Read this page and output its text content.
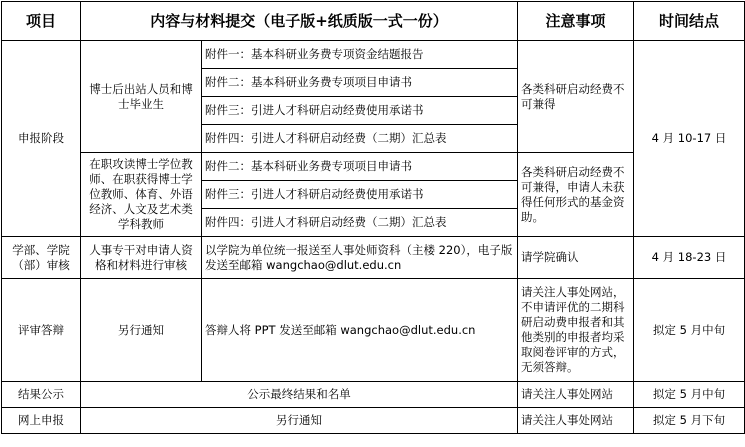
项目	内容与材料提交（电子版+纸质版一式一份）		注意事项	时间结点
申报阶段	博士后出站人员和博士毕业生	附件一：基本科研业务费专项资金结题报告	各类科研启动经费不可兼得	4 月 10-17 日
		附件二：基本科研业务费专项项目申请书		
		附件三：引进人才科研启动经费使用承诺书		
		附件四：引进人才科研启动经费（二期）汇总表		
	在职攻读博士学位教师、在职获得博士学位教师、体育、外语经济、人文及艺术类学科教师	附件二：基本科研业务费专项项目申请书	各类科研启动经费不可兼得，申请人未获得任何形式的基金资助。	
		附件三：引进人才科研启动经费使用承诺书		
		附件四：引进人才科研启动经费（二期）汇总表		
学部、学院（部）审核	人事专干对申请人资格和材料进行审核	以学院为单位统一报送至人事处师资科（主楼 220），电子版发送至邮箱 wangchao@dlut.edu.cn	请学院确认	4 月 18-23 日
评审答辩	另行通知	答辩人将 PPT 发送至邮箱 wangchao@dlut.edu.cn	请关注人事处网站，不申请评优的二期科研启动费申报者和其他类别的申报者均采取阅卷评审的方式，无须答辩。	拟定 5 月中旬
结果公示	公示最终结果和名单		请关注人事处网站	拟定 5 月中旬
网上申报	另行通知		请关注人事处网站	拟定 5 月下旬
